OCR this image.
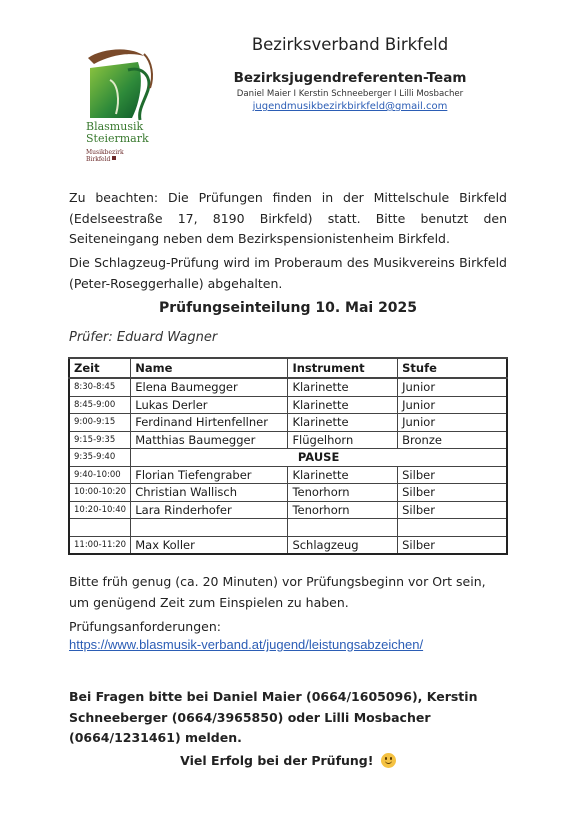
Blasmusik
Steiermark
Musikbezirk
Birkfeld
Bezirksverband Birkfeld
Bezirksjugendreferenten-Team
Daniel Maier I Kerstin Schneeberger I Lilli Mosbacher
jugendmusikbezirkbirkfeld@gmail.com
Zu beachten: Die Prüfungen finden in der Mittelschule Birkfeld (Edelseestraße 17, 8190 Birkfeld) statt. Bitte benutzt den Seiteneingang neben dem Bezirkspensionistenheim Birkfeld.
Die Schlagzeug-Prüfung wird im Proberaum des Musikvereins Birkfeld (Peter-Roseggerhalle) abgehalten.
Prüfungseinteilung 10. Mai 2025
Prüfer: Eduard Wagner
Zeit	Name	Instrument	Stufe
8:30-8:45	Elena Baumegger	Klarinette	Junior
8:45-9:00	Lukas Derler	Klarinette	Junior
9:00-9:15	Ferdinand Hirtenfellner	Klarinette	Junior
9:15-9:35	Matthias Baumegger	Flügelhorn	Bronze
9:35-9:40	PAUSE		
9:40-10:00	Florian Tiefengraber	Klarinette	Silber
10:00-10:20	Christian Wallisch	Tenorhorn	Silber
10:20-10:40	Lara Rinderhofer	Tenorhorn	Silber

11:00-11:20	Max Koller	Schlagzeug	Silber
Bitte früh genug (ca. 20 Minuten) vor Prüfungsbeginn vor Ort sein, um genügend Zeit zum Einspielen zu haben.
Prüfungsanforderungen:
https://www.blasmusik-verband.at/jugend/leistungsabzeichen/
Bei Fragen bitte bei Daniel Maier (0664/1605096), Kerstin Schneeberger (0664/3965850) oder Lilli Mosbacher (0664/1231461) melden.
Viel Erfolg bei der Prüfung!
